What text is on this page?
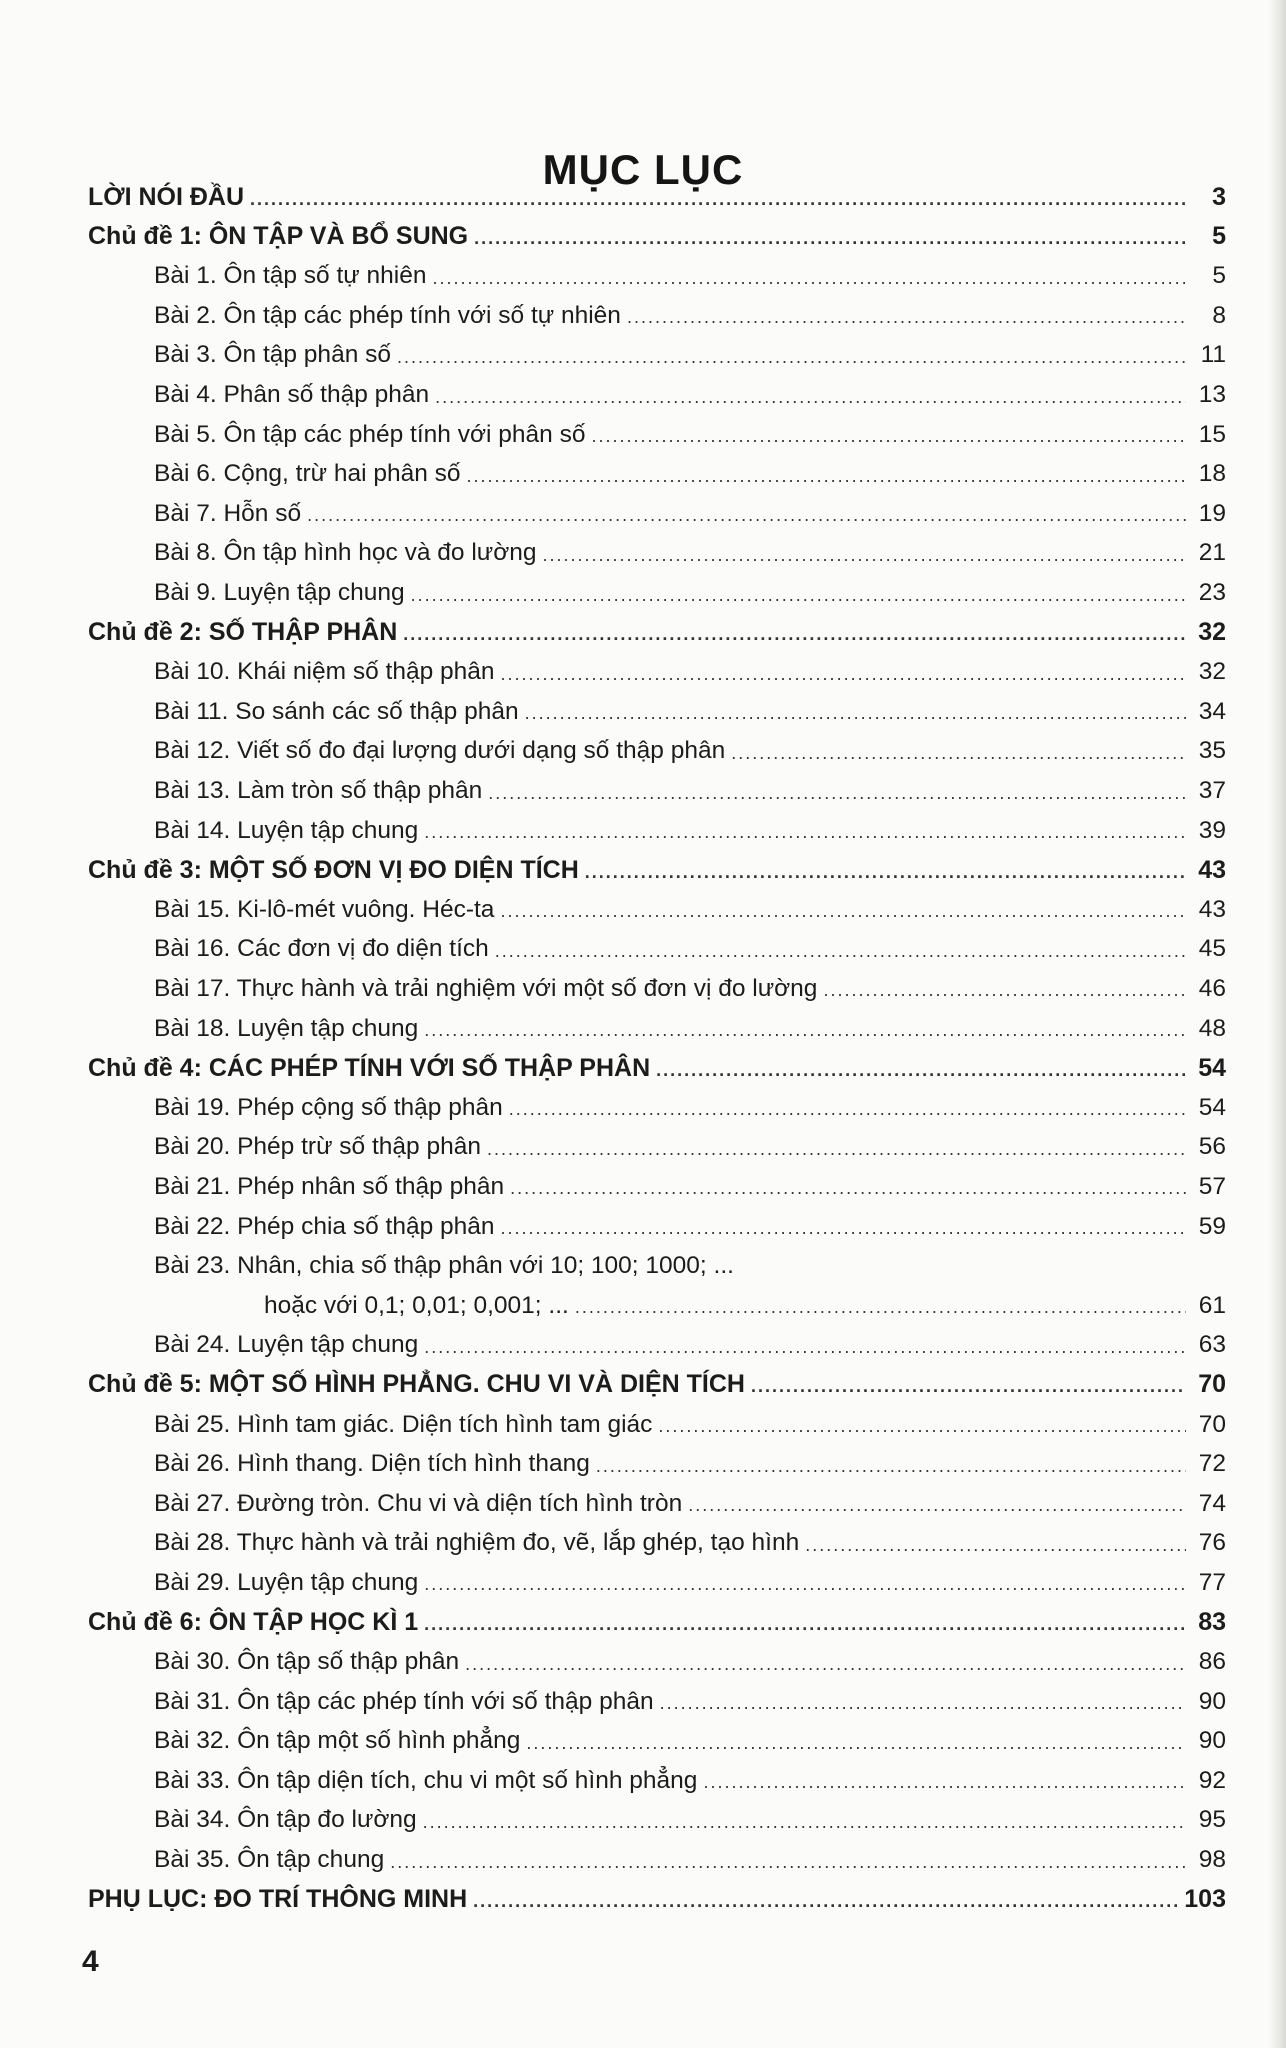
MỤC LỤC
LỜI NÓI ĐẦU .....	3
Chủ đề 1: ÔN TẬP VÀ BỔ SUNG .....	5
Bài 1. Ôn tập số tự nhiên .....	5
Bài 2. Ôn tập các phép tính với số tự nhiên .....	8
Bài 3. Ôn tập phân số .....	11
Bài 4. Phân số thập phân .....	13
Bài 5. Ôn tập các phép tính với phân số .....	15
Bài 6. Cộng, trừ hai phân số .....	18
Bài 7. Hỗn số .....	19
Bài 8. Ôn tập hình học và đo lường .....	21
Bài 9. Luyện tập chung .....	23
Chủ đề 2: SỐ THẬP PHÂN .....	32
Bài 10. Khái niệm số thập phân .....	32
Bài 11. So sánh các số thập phân .....	34
Bài 12. Viết số đo đại lượng dưới dạng số thập phân .....	35
Bài 13. Làm tròn số thập phân .....	37
Bài 14. Luyện tập chung .....	39
Chủ đề 3: MỘT SỐ ĐƠN VỊ ĐO DIỆN TÍCH .....	43
Bài 15. Ki-lô-mét vuông. Héc-ta .....	43
Bài 16. Các đơn vị đo diện tích .....	45
Bài 17. Thực hành và trải nghiệm với một số đơn vị đo lường .....	46
Bài 18. Luyện tập chung .....	48
Chủ đề 4: CÁC PHÉP TÍNH VỚI SỐ THẬP PHÂN .....	54
Bài 19. Phép cộng số thập phân .....	54
Bài 20. Phép trừ số thập phân .....	56
Bài 21. Phép nhân số thập phân .....	57
Bài 22. Phép chia số thập phân .....	59
Bài 23. Nhân, chia số thập phân với 10; 100; 1000; ...
hoặc với 0,1; 0,01; 0,001; ... .....	61
Bài 24. Luyện tập chung .....	63
Chủ đề 5: MỘT SỐ HÌNH PHẲNG. CHU VI VÀ DIỆN TÍCH .....	70
Bài 25. Hình tam giác. Diện tích hình tam giác .....	70
Bài 26. Hình thang. Diện tích hình thang .....	72
Bài 27. Đường tròn. Chu vi và diện tích hình tròn .....	74
Bài 28. Thực hành và trải nghiệm đo, vẽ, lắp ghép, tạo hình .....	76
Bài 29. Luyện tập chung .....	77
Chủ đề 6: ÔN TẬP HỌC KÌ 1 .....	83
Bài 30. Ôn tập số thập phân .....	86
Bài 31. Ôn tập các phép tính với số thập phân .....	90
Bài 32. Ôn tập một số hình phẳng .....	90
Bài 33. Ôn tập diện tích, chu vi một số hình phẳng .....	92
Bài 34. Ôn tập đo lường .....	95
Bài 35. Ôn tập chung .....	98
PHỤ LỤC: ĐO TRÍ THÔNG MINH .....	103
4
